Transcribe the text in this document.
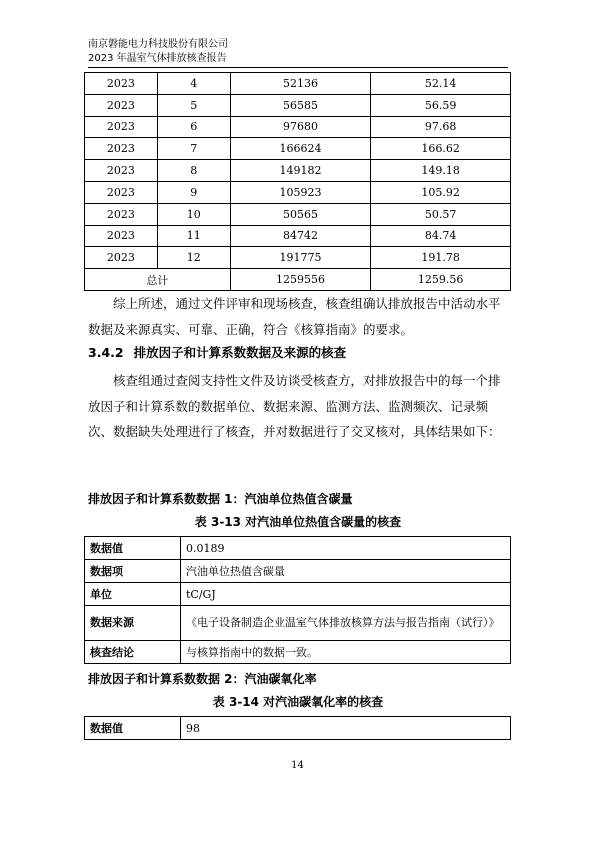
南京磐能电力科技股份有限公司
2023 年温室气体排放核查报告
2023	4	52136	52.14
2023	5	56585	56.59
2023	6	97680	97.68
2023	7	166624	166.62
2023	8	149182	149.18
2023	9	105923	105.92
2023	10	50565	50.57
2023	11	84742	84.74
2023	12	191775	191.78
总计		1259556	1259.56

综上所述，通过文件评审和现场核查，核查组确认排放报告中活动水平数据及来源真实、可靠、正确，符合《核算指南》的要求。

3.4.2 排放因子和计算系数数据及来源的核查

核查组通过查阅支持性文件及访谈受核查方，对排放报告中的每一个排放因子和计算系数的数据单位、数据来源、监测方法、监测频次、记录频次、数据缺失处理进行了核查，并对数据进行了交叉核对，具体结果如下：

排放因子和计算系数数据 1：汽油单位热值含碳量
表 3-13 对汽油单位热值含碳量的核查
数据值	0.0189
数据项	汽油单位热值含碳量
单位	tC/GJ
数据来源	《电子设备制造企业温室气体排放核算方法与报告指南（试行）》
核查结论	与核算指南中的数据一致。
排放因子和计算系数数据 2：汽油碳氧化率
表 3-14 对汽油碳氧化率的核查
数据值	98
14
